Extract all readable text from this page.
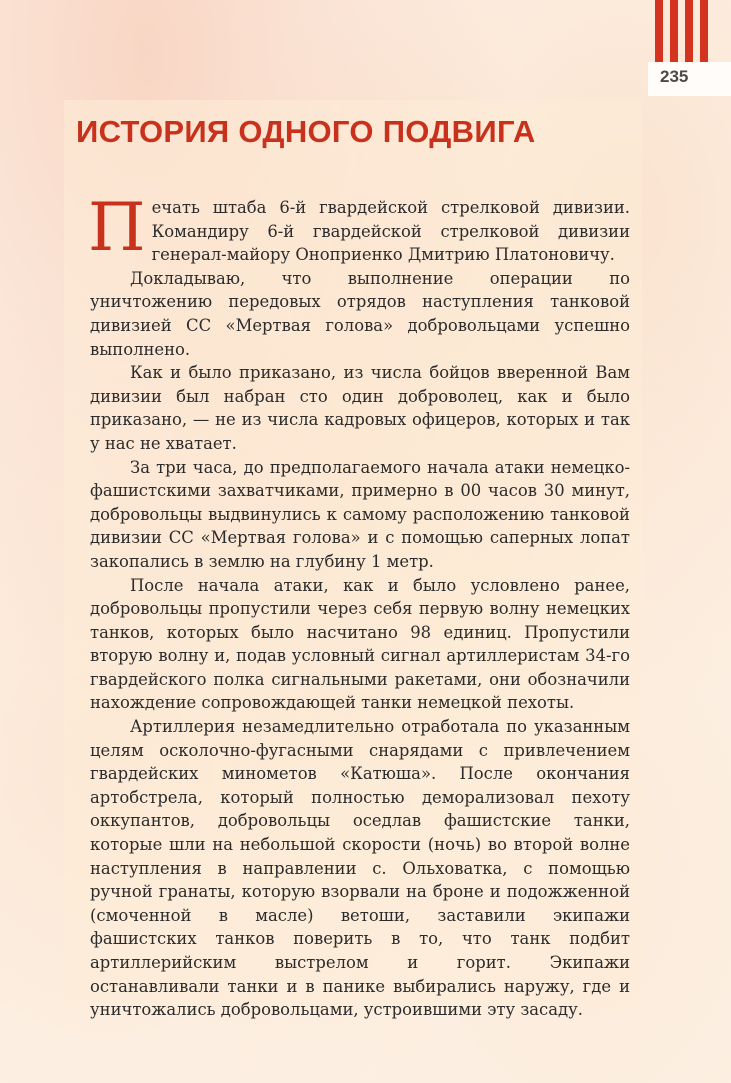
235
ИСТОРИЯ ОДНОГО ПОДВИГА

Печать штаба 6-й гвардейской стрелковой дивизии. Командиру 6-й гвардейской стрелковой дивизии генерал-майору Оноприенко Дмитрию Платоновичу.

Докладываю, что выполнение операции по уничтожению передовых отрядов наступления танковой дивизией СС «Мертвая голова» добровольцами успешно выполнено.

Как и было приказано, из числа бойцов вверенной Вам дивизии был набран сто один доброволец, как и было приказано, — не из числа кадровых офицеров, которых и так у нас не хватает.

За три часа, до предполагаемого начала атаки немецко-фашистскими захватчиками, примерно в 00 часов 30 минут, добровольцы выдвинулись к самому расположению танковой дивизии СС «Мертвая голова» и с помощью саперных лопат закопались в землю на глубину 1 метр.

После начала атаки, как и было условлено ранее, добровольцы пропустили через себя первую волну немецких танков, которых было насчитано 98 единиц. Пропустили вторую волну и, подав условный сигнал артиллеристам 34-го гвардейского полка сигнальными ракетами, они обозначили нахождение сопровождающей танки немецкой пехоты.

Артиллерия незамедлительно отработала по указанным целям осколочно-фугасными снарядами с привлечением гвардейских минометов «Катюша». После окончания артобстрела, который полностью деморализовал пехоту оккупантов, добровольцы оседлав фашистские танки, которые шли на небольшой скорости (ночь) во второй волне наступления в направлении с. Ольховатка, с помощью ручной гранаты, которую взорвали на броне и подожженной (смоченной в масле) ветоши, заставили экипажи фашистских танков поверить в то, что танк подбит артиллерийским выстрелом и горит. Экипажи останавливали танки и в панике выбирались наружу, где и уничтожались добровольцами, устроившими эту засаду.
